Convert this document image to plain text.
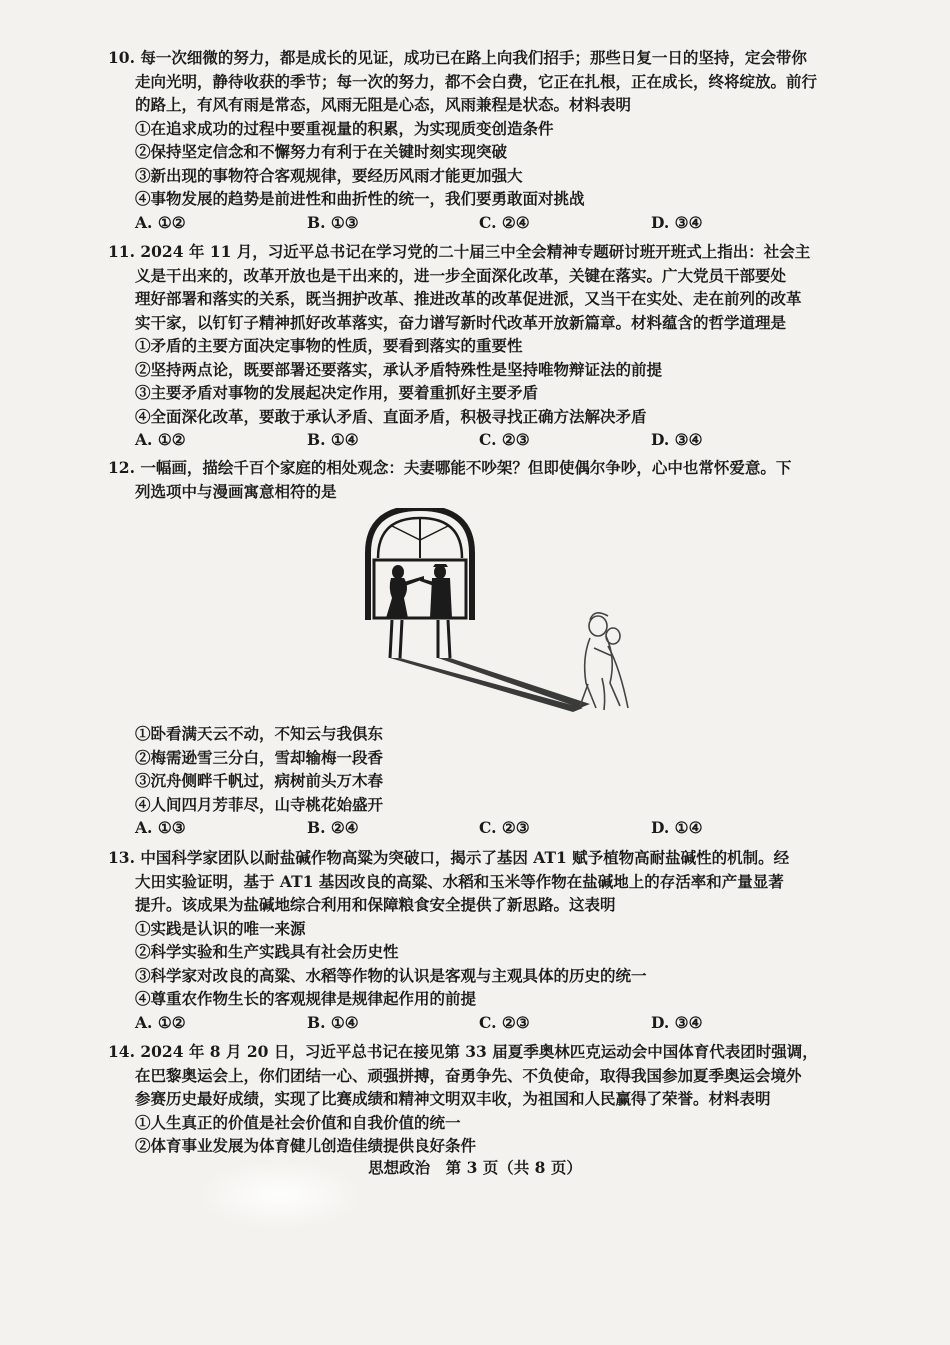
10. 每一次细微的努力，都是成长的见证，成功已在路上向我们招手；那些日复一日的坚持，定会带你
走向光明，静待收获的季节；每一次的努力，都不会白费，它正在扎根，正在成长，终将绽放。前行
的路上，有风有雨是常态，风雨无阻是心态，风雨兼程是状态。材料表明
①在追求成功的过程中要重视量的积累，为实现质变创造条件
②保持坚定信念和不懈努力有利于在关键时刻实现突破
③新出现的事物符合客观规律，要经历风雨才能更加强大
④事物发展的趋势是前进性和曲折性的统一，我们要勇敢面对挑战
A. ①②	B. ①③	C. ②④	D. ③④
11. 2024 年 11 月，习近平总书记在学习党的二十届三中全会精神专题研讨班开班式上指出：社会主
义是干出来的，改革开放也是干出来的，进一步全面深化改革，关键在落实。广大党员干部要处
理好部署和落实的关系，既当拥护改革、推进改革的改革促进派，又当干在实处、走在前列的改革
实干家，以钉钉子精神抓好改革落实，奋力谱写新时代改革开放新篇章。材料蕴含的哲学道理是
①矛盾的主要方面决定事物的性质，要看到落实的重要性
②坚持两点论，既要部署还要落实，承认矛盾特殊性是坚持唯物辩证法的前提
③主要矛盾对事物的发展起决定作用，要着重抓好主要矛盾
④全面深化改革，要敢于承认矛盾、直面矛盾，积极寻找正确方法解决矛盾
A. ①②	B. ①④	C. ②③	D. ③④
12. 一幅画，描绘千百个家庭的相处观念：夫妻哪能不吵架？但即使偶尔争吵，心中也常怀爱意。下
列选项中与漫画寓意相符的是
①卧看满天云不动，不知云与我俱东
②梅需逊雪三分白，雪却输梅一段香
③沉舟侧畔千帆过，病树前头万木春
④人间四月芳菲尽，山寺桃花始盛开
A. ①③	B. ②④	C. ②③	D. ①④
13. 中国科学家团队以耐盐碱作物高粱为突破口，揭示了基因 AT1 赋予植物高耐盐碱性的机制。经
大田实验证明，基于 AT1 基因改良的高粱、水稻和玉米等作物在盐碱地上的存活率和产量显著
提升。该成果为盐碱地综合利用和保障粮食安全提供了新思路。这表明
①实践是认识的唯一来源
②科学实验和生产实践具有社会历史性
③科学家对改良的高粱、水稻等作物的认识是客观与主观具体的历史的统一
④尊重农作物生长的客观规律是规律起作用的前提
A. ①②	B. ①④	C. ②③	D. ③④
14. 2024 年 8 月 20 日，习近平总书记在接见第 33 届夏季奥林匹克运动会中国体育代表团时强调，
在巴黎奥运会上，你们团结一心、顽强拼搏，奋勇争先、不负使命，取得我国参加夏季奥运会境外
参赛历史最好成绩，实现了比赛成绩和精神文明双丰收，为祖国和人民赢得了荣誉。材料表明
①人生真正的价值是社会价值和自我价值的统一
②体育事业发展为体育健儿创造佳绩提供良好条件
思想政治　第 3 页（共 8 页）
